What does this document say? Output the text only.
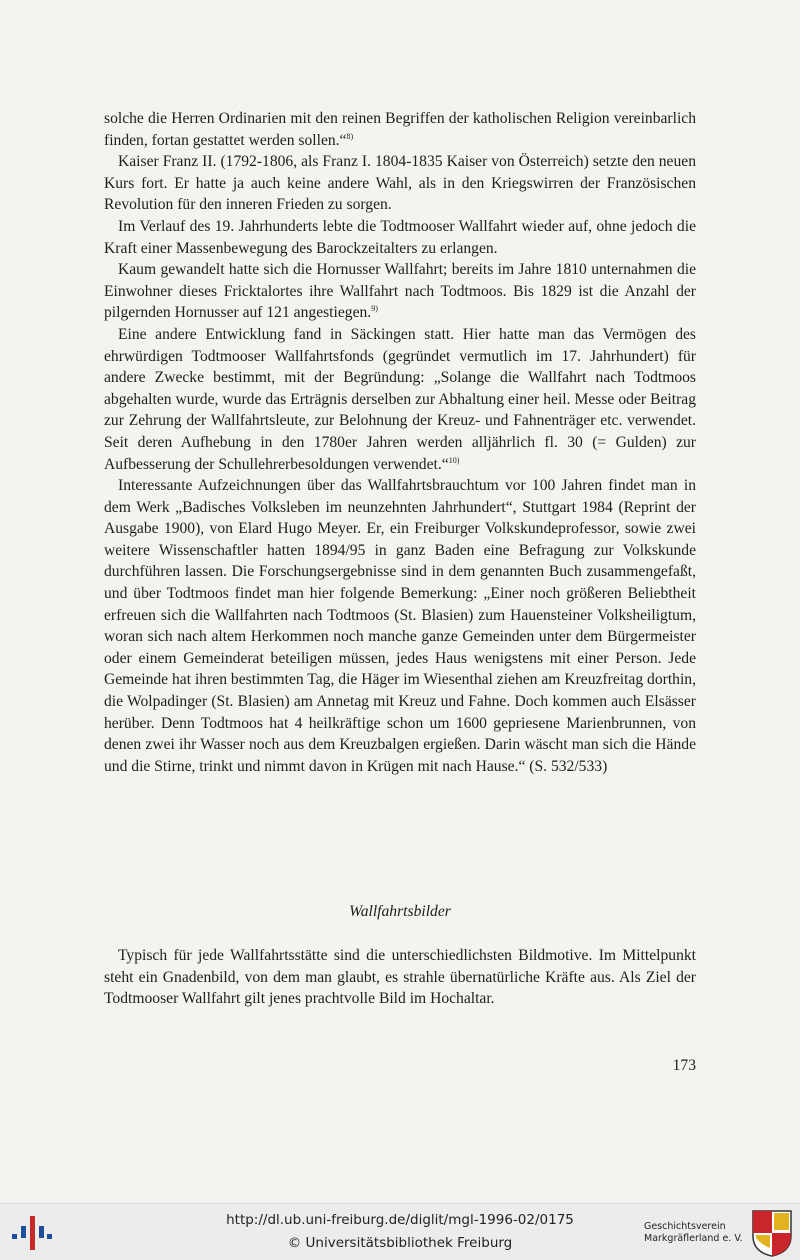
solche die Herren Ordinarien mit den reinen Begriffen der katholischen Religion vereinbarlich finden, fortan gestattet werden sollen.“$^{8)}$

Kaiser Franz II. (1792-1806, als Franz I. 1804-1835 Kaiser von Österreich) setzte den neuen Kurs fort. Er hatte ja auch keine andere Wahl, als in den Kriegswirren der Französischen Revolution für den inneren Frieden zu sorgen.

Im Verlauf des 19. Jahrhunderts lebte die Todtmooser Wallfahrt wieder auf, ohne jedoch die Kraft einer Massenbewegung des Barockzeitalters zu erlangen.

Kaum gewandelt hatte sich die Hornusser Wallfahrt; bereits im Jahre 1810 unternahmen die Einwohner dieses Fricktalortes ihre Wallfahrt nach Todtmoos. Bis 1829 ist die Anzahl der pilgernden Hornusser auf 121 angestiegen.$^{9)}$

Eine andere Entwicklung fand in Säckingen statt. Hier hatte man das Vermögen des ehrwürdigen Todtmooser Wallfahrtsfonds (gegründet vermutlich im 17. Jahrhundert) für andere Zwecke bestimmt, mit der Begründung: „Solange die Wallfahrt nach Todtmoos abgehalten wurde, wurde das Erträgnis derselben zur Abhaltung einer heil. Messe oder Beitrag zur Zehrung der Wallfahrtsleute, zur Belohnung der Kreuz- und Fahnenträger etc. verwendet. Seit deren Aufhebung in den 1780er Jahren werden alljährlich fl. 30 (= Gulden) zur Aufbesserung der Schullehrerbesoldungen verwendet.“$^{10)}$

Interessante Aufzeichnungen über das Wallfahrtsbrauchtum vor 100 Jahren findet man in dem Werk „Badisches Volksleben im neunzehnten Jahrhundert“, Stuttgart 1984 (Reprint der Ausgabe 1900), von Elard Hugo Meyer. Er, ein Freiburger Volkskundeprofessor, sowie zwei weitere Wissenschaftler hatten 1894/95 in ganz Baden eine Befragung zur Volkskunde durchführen lassen. Die Forschungsergebnisse sind in dem genannten Buch zusammengefaßt, und über Todtmoos findet man hier folgende Bemerkung: „Einer noch größeren Beliebtheit erfreuen sich die Wallfahrten nach Todtmoos (St. Blasien) zum Hauensteiner Volksheiligtum, woran sich nach altem Herkommen noch manche ganze Gemeinden unter dem Bürgermeister oder einem Gemeinderat beteiligen müssen, jedes Haus wenigstens mit einer Person. Jede Gemeinde hat ihren bestimmten Tag, die Häger im Wiesenthal ziehen am Kreuzfreitag dorthin, die Wolpadinger (St. Blasien) am Annetag mit Kreuz und Fahne. Doch kommen auch Elsässer herüber. Denn Todtmoos hat 4 heilkräftige schon um 1600 gepriesene Marienbrunnen, von denen zwei ihr Wasser noch aus dem Kreuzbalgen ergießen. Darin wäscht man sich die Hände und die Stirne, trinkt und nimmt davon in Krügen mit nach Hause.“ (S. 532/533)

Wallfahrtsbilder

Typisch für jede Wallfahrtsstätte sind die unterschiedlichsten Bildmotive. Im Mittelpunkt steht ein Gnadenbild, von dem man glaubt, es strahle übernatürliche Kräfte aus. Als Ziel der Todtmooser Wallfahrt gilt jenes prachtvolle Bild im Hochaltar.

173
http://dl.ub.uni-freiburg.de/diglit/mgl-1996-02/0175
© Universitätsbibliothek Freiburg
Geschichtsverein
Markgräflerland e. V.
